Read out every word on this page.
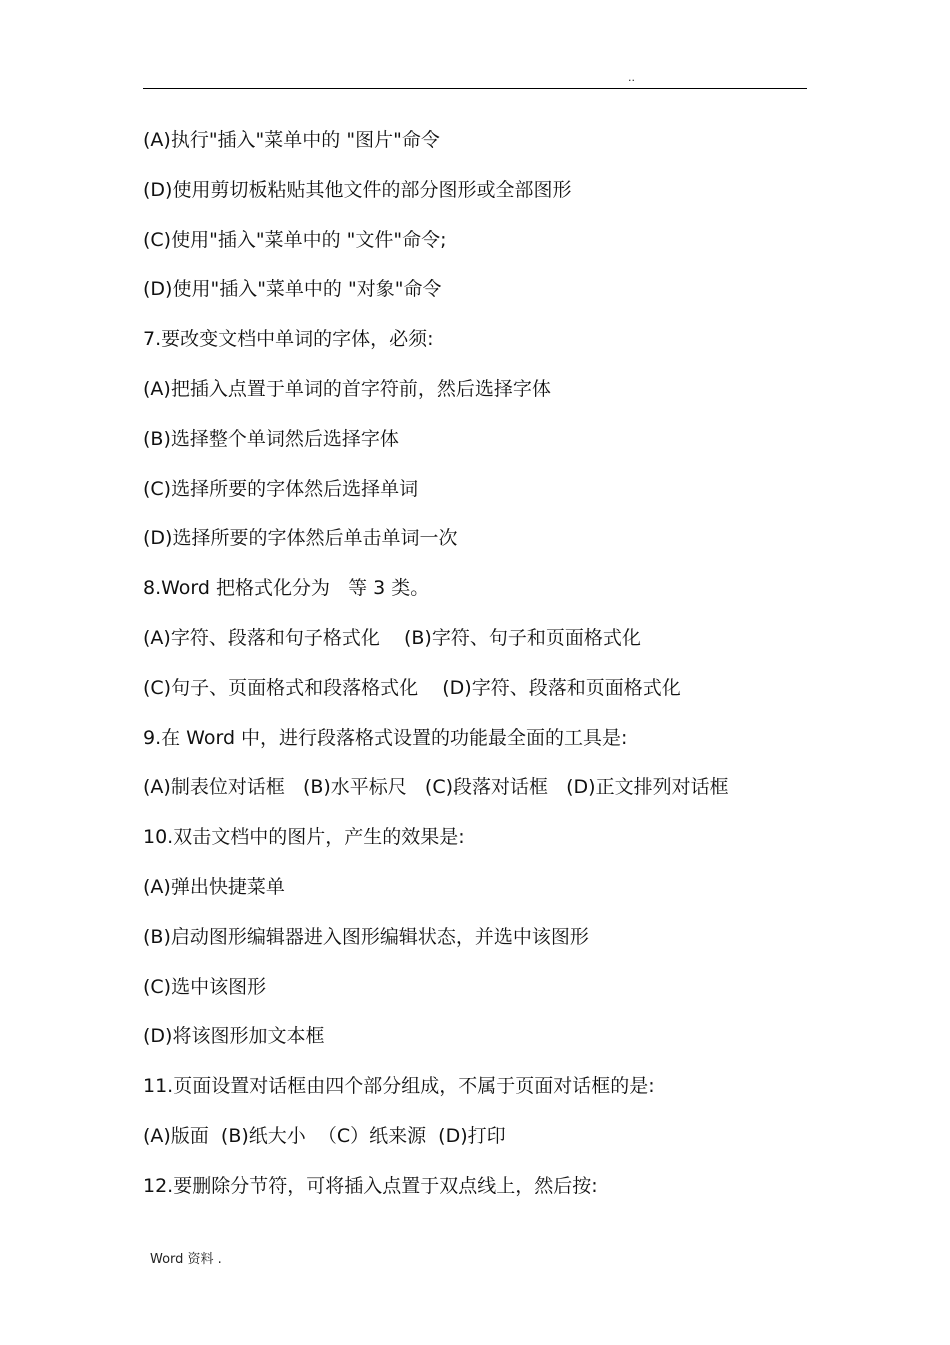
..
(A)执行"插入"菜单中的 "图片"命令
(D)使用剪切板粘贴其他文件的部分图形或全部图形
(C)使用"插入"菜单中的 "文件"命令;
(D)使用"插入"菜单中的 "对象"命令
7.要改变文档中单词的字体，必须:
(A)把插入点置于单词的首字符前，然后选择字体
(B)选择整个单词然后选择字体
(C)选择所要的字体然后选择单词
(D)选择所要的字体然后单击单词一次
8.Word 把格式化分为   等 3 类。
(A)字符、段落和句子格式化    (B)字符、句子和页面格式化
(C)句子、页面格式和段落格式化    (D)字符、段落和页面格式化
9.在 Word 中，进行段落格式设置的功能最全面的工具是:
(A)制表位对话框   (B)水平标尺   (C)段落对话框   (D)正文排列对话框
10.双击文档中的图片，产生的效果是:
(A)弹出快捷菜单
(B)启动图形编辑器进入图形编辑状态，并选中该图形
(C)选中该图形
(D)将该图形加文本框
11.页面设置对话框由四个部分组成，不属于页面对话框的是:
(A)版面  (B)纸大小  （C）纸来源  (D)打印
12.要删除分节符，可将插入点置于双点线上，然后按:
Word 资料 .
